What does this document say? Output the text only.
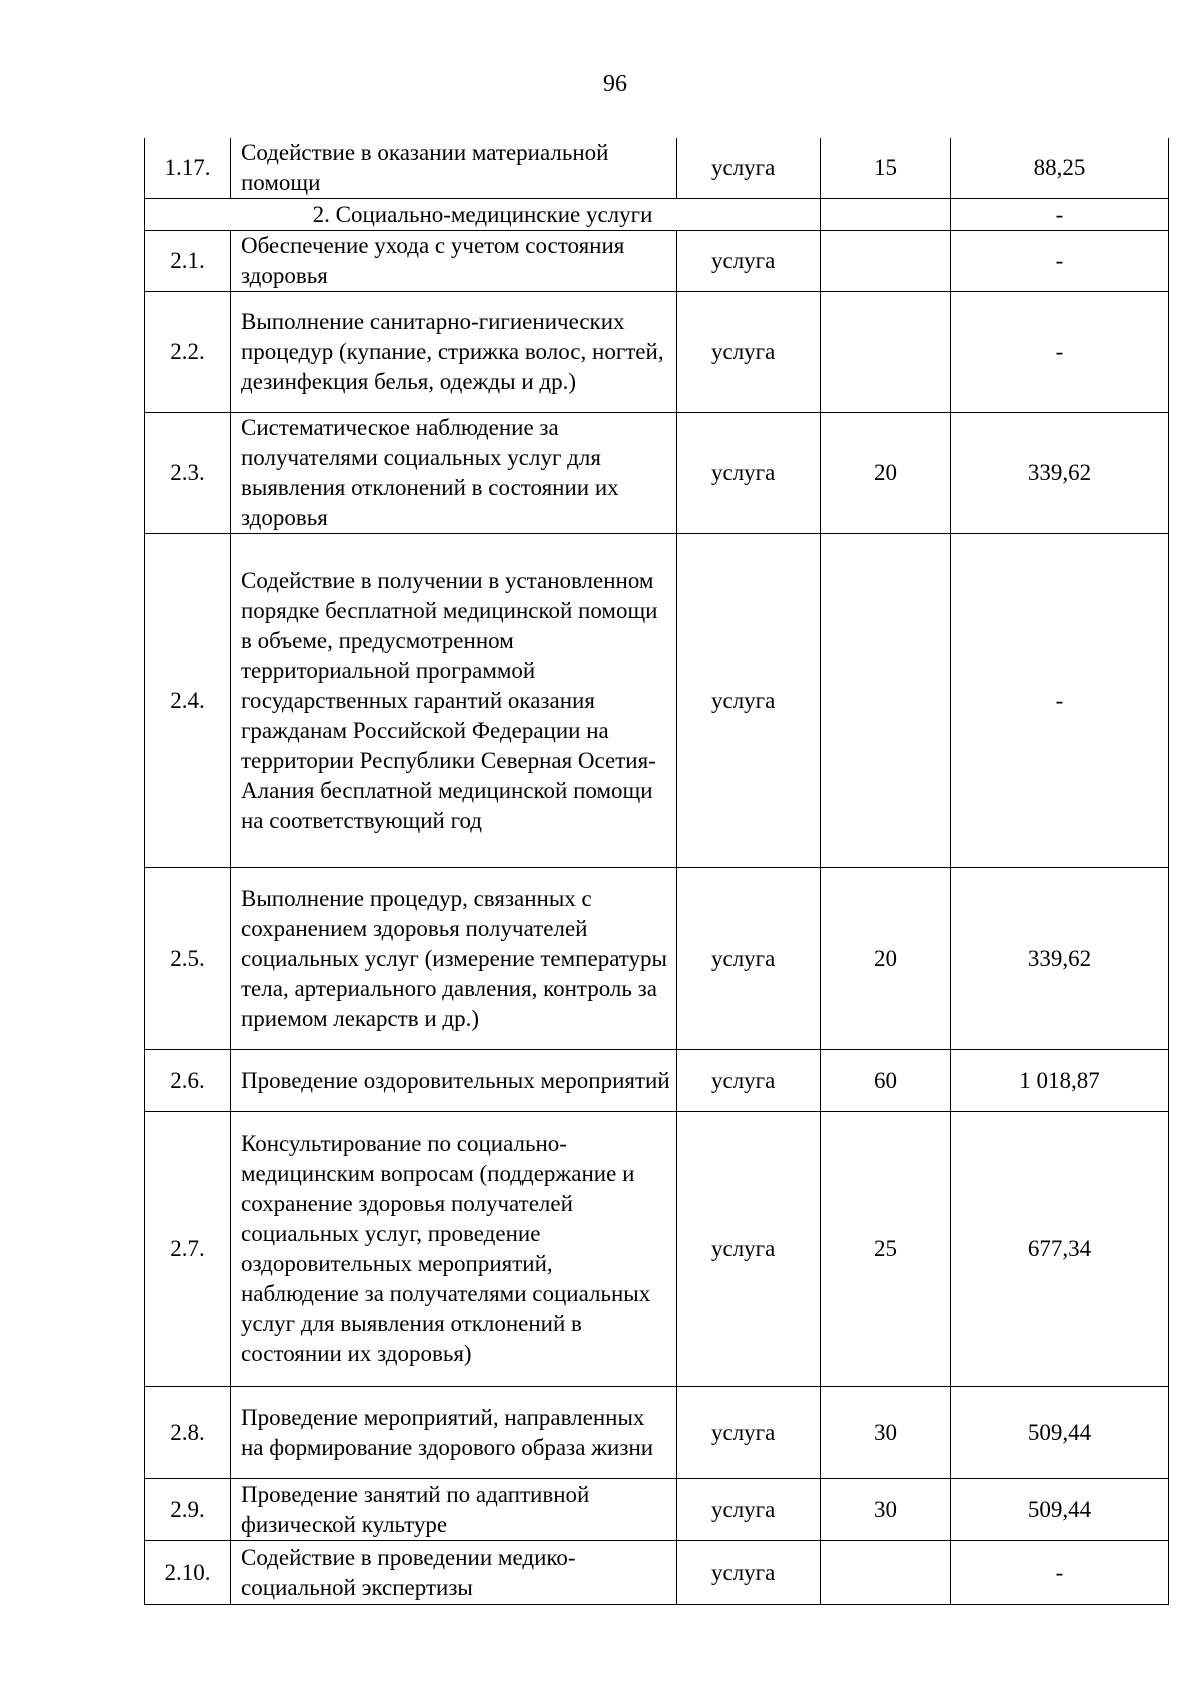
96
1.17.	Содействие в оказании материальной помощи	услуга	15	88,25
2. Социально-медицинские услуги				-
2.1.	Обеспечение ухода с учетом состояния здоровья	услуга		-
2.2.	Выполнение санитарно-гигиенических процедур (купание, стрижка волос, ногтей, дезинфекция белья, одежды и др.)	услуга		-
2.3.	Систематическое наблюдение за получателями социальных услуг для выявления отклонений в состоянии их здоровья	услуга	20	339,62
2.4.	Содействие в получении в установленном порядке бесплатной медицинской помощи в объеме, предусмотренном территориальной программой государственных гарантий оказания гражданам Российской Федерации на территории Республики Северная Осетия-Алания бесплатной медицинской помощи на соответствующий год	услуга		-
2.5.	Выполнение процедур, связанных с сохранением здоровья получателей социальных услуг (измерение температуры тела, артериального давления, контроль за приемом лекарств и др.)	услуга	20	339,62
2.6.	Проведение оздоровительных мероприятий	услуга	60	1 018,87
2.7.	Консультирование по социально-медицинским вопросам (поддержание и сохранение здоровья получателей социальных услуг, проведение оздоровительных мероприятий, наблюдение за получателями социальных услуг для выявления отклонений в состоянии их здоровья)	услуга	25	677,34
2.8.	Проведение мероприятий, направленных на формирование здорового образа жизни	услуга	30	509,44
2.9.	Проведение занятий по адаптивной физической культуре	услуга	30	509,44
2.10.	Содействие в проведении медико-социальной экспертизы	услуга		-
